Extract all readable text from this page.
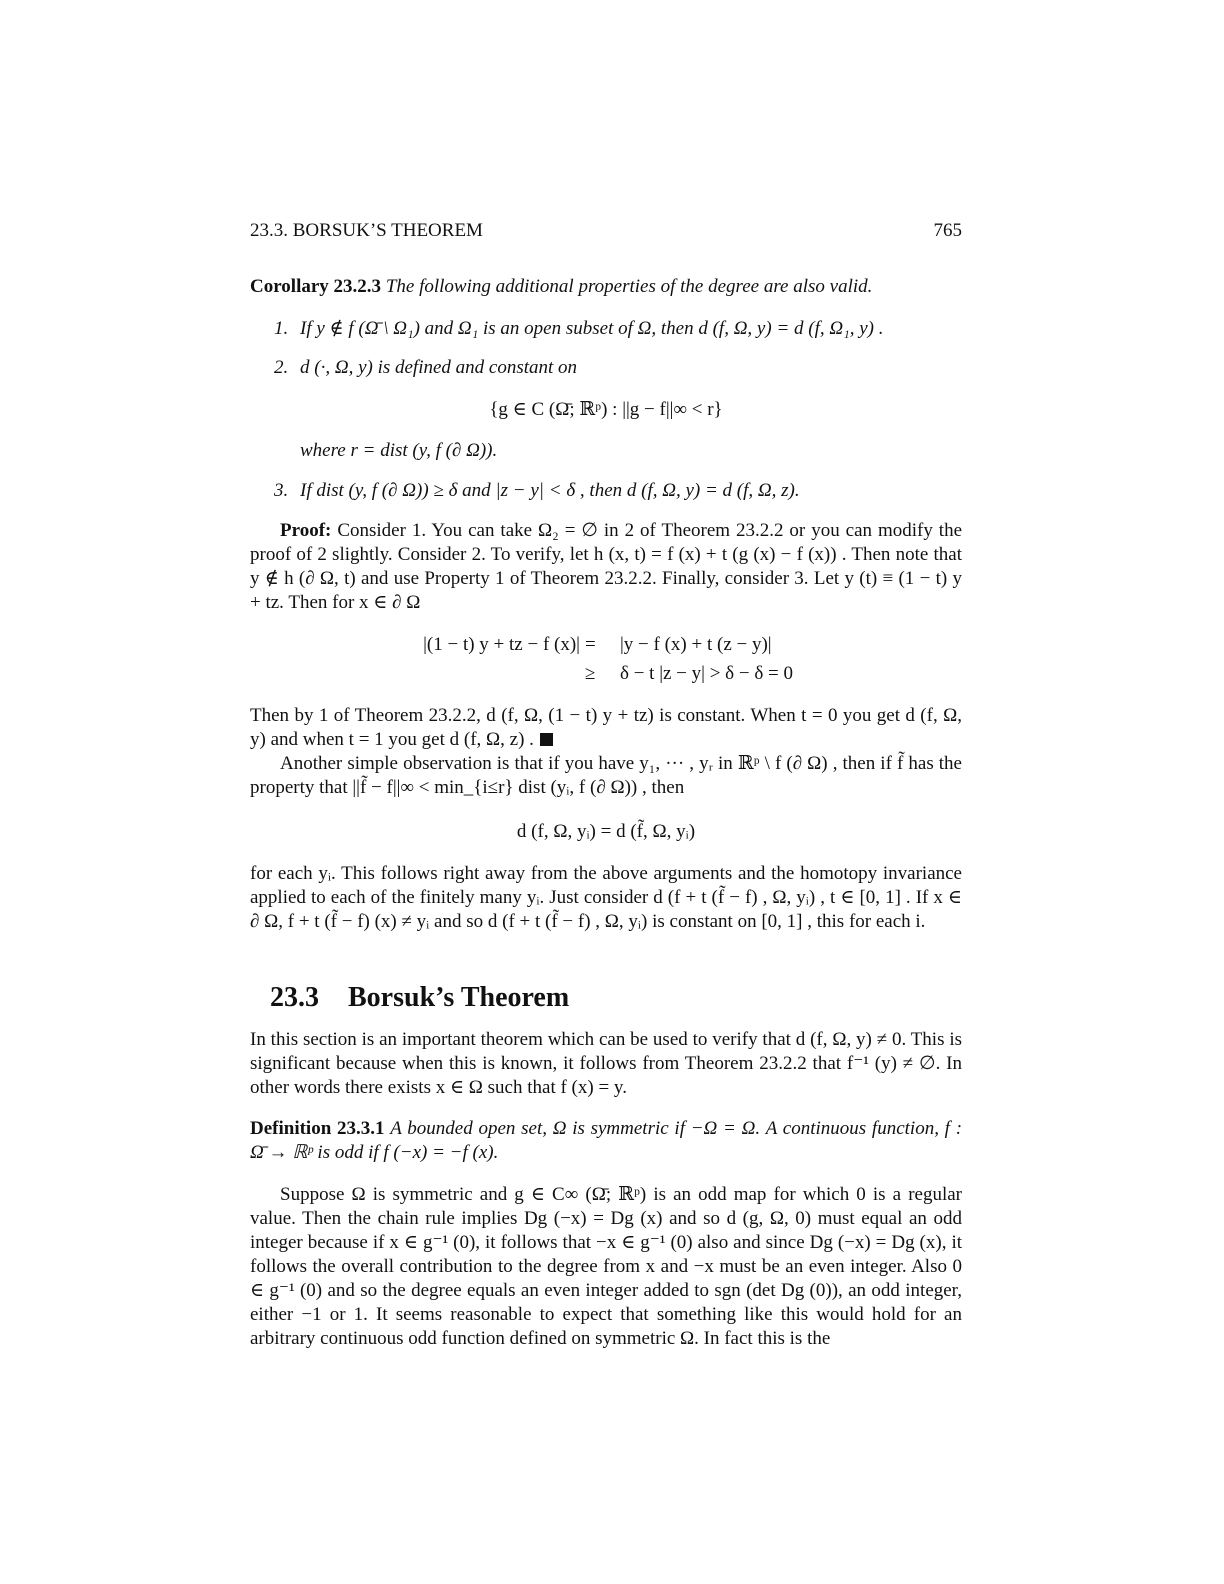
23.3. BORSUK’S THEOREM	765

Corollary 23.2.3 The following additional properties of the degree are also valid.

1. If y ∉ f (Ω̄ \ Ω₁) and Ω₁ is an open subset of Ω, then d (f, Ω, y) = d (f, Ω₁, y) .
2. d (·, Ω, y) is defined and constant on
{g ∈ C (Ω̄; ℝᵖ) : ||g − f||∞ < r}
where r = dist (y, f (∂ Ω)).
3. If dist (y, f (∂ Ω)) ≥ δ and |z − y| < δ , then d (f, Ω, y) = d (f, Ω, z).

Proof: Consider 1. You can take Ω₂ = ∅ in 2 of Theorem 23.2.2 or you can modify the proof of 2 slightly. Consider 2. To verify, let h (x, t) = f (x) + t (g (x) − f (x)) . Then note that y ∉ h (∂ Ω, t) and use Property 1 of Theorem 23.2.2. Finally, consider 3. Let y (t) ≡ (1 − t) y + tz. Then for x ∈ ∂ Ω

|(1 − t) y + tz − f (x)| = |y − f (x) + t (z − y)|
≥ δ − t |z − y| > δ − δ = 0

Then by 1 of Theorem 23.2.2, d (f, Ω, (1 − t) y + tz) is constant. When t = 0 you get d (f, Ω, y) and when t = 1 you get d (f, Ω, z) .

Another simple observation is that if you have y₁, ··· , yᵣ in ℝᵖ \ f (∂ Ω) , then if f̃ has the property that ||f̃ − f||∞ < min_{i≤r} dist (yᵢ, f (∂ Ω)) , then

d (f, Ω, yᵢ) = d (f̃, Ω, yᵢ)

for each yᵢ. This follows right away from the above arguments and the homotopy invariance applied to each of the finitely many yᵢ. Just consider d (f + t (f̃ − f) , Ω, yᵢ) , t ∈ [0, 1] . If x ∈ ∂ Ω, f + t (f̃ − f) (x) ≠ yᵢ and so d (f + t (f̃ − f) , Ω, yᵢ) is constant on [0, 1] , this for each i.

23.3 Borsuk’s Theorem

In this section is an important theorem which can be used to verify that d (f, Ω, y) ≠ 0. This is significant because when this is known, it follows from Theorem 23.2.2 that f⁻¹ (y) ≠ ∅. In other words there exists x ∈ Ω such that f (x) = y.

Definition 23.3.1 A bounded open set, Ω is symmetric if −Ω = Ω. A continuous function, f : Ω̄ → ℝᵖ is odd if f (−x) = −f (x).

Suppose Ω is symmetric and g ∈ C∞ (Ω̄; ℝᵖ) is an odd map for which 0 is a regular value. Then the chain rule implies Dg (−x) = Dg (x) and so d (g, Ω, 0) must equal an odd integer because if x ∈ g⁻¹ (0), it follows that −x ∈ g⁻¹ (0) also and since Dg (−x) = Dg (x), it follows the overall contribution to the degree from x and −x must be an even integer. Also 0 ∈ g⁻¹ (0) and so the degree equals an even integer added to sgn (det Dg (0)), an odd integer, either −1 or 1. It seems reasonable to expect that something like this would hold for an arbitrary continuous odd function defined on symmetric Ω. In fact this is the
